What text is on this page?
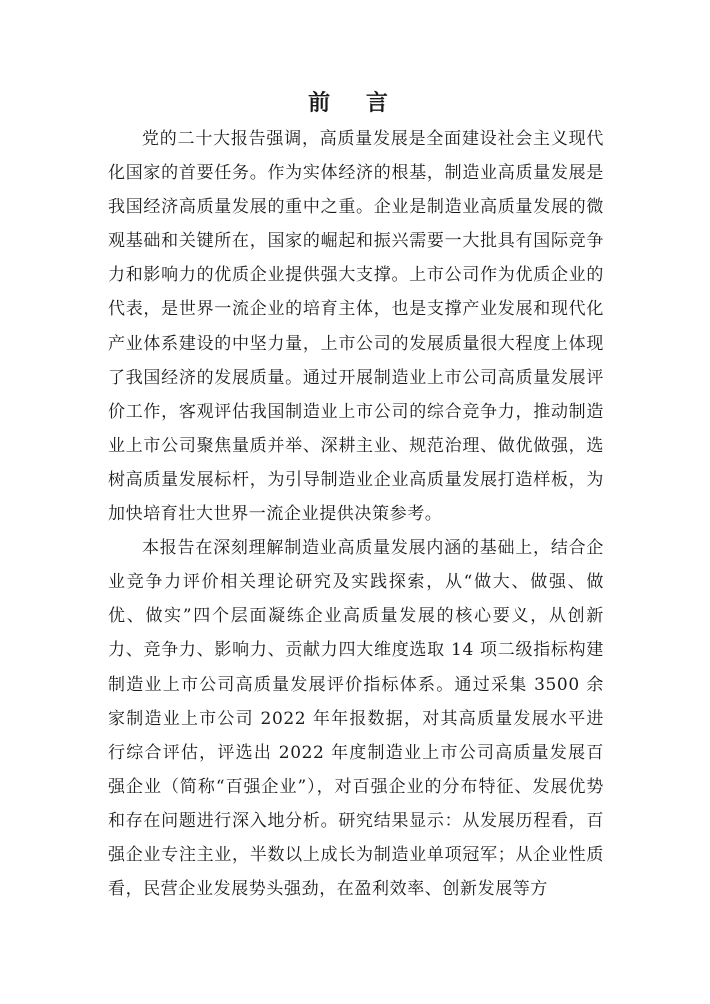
前 言

党的二十大报告强调，高质量发展是全面建设社会主义现代化国家的首要任务。作为实体经济的根基，制造业高质量发展是我国经济高质量发展的重中之重。企业是制造业高质量发展的微观基础和关键所在，国家的崛起和振兴需要一大批具有国际竞争力和影响力的优质企业提供强大支撑。上市公司作为优质企业的代表，是世界一流企业的培育主体，也是支撑产业发展和现代化产业体系建设的中坚力量，上市公司的发展质量很大程度上体现了我国经济的发展质量。通过开展制造业上市公司高质量发展评价工作，客观评估我国制造业上市公司的综合竞争力，推动制造业上市公司聚焦量质并举、深耕主业、规范治理、做优做强，选树高质量发展标杆，为引导制造业企业高质量发展打造样板，为加快培育壮大世界一流企业提供决策参考。

本报告在深刻理解制造业高质量发展内涵的基础上，结合企业竞争力评价相关理论研究及实践探索，从“做大、做强、做优、做实”四个层面凝练企业高质量发展的核心要义，从创新力、竞争力、影响力、贡献力四大维度选取 14 项二级指标构建制造业上市公司高质量发展评价指标体系。通过采集 3500 余家制造业上市公司 2022 年年报数据，对其高质量发展水平进行综合评估，评选出 2022 年度制造业上市公司高质量发展百强企业（简称“百强企业”），对百强企业的分布特征、发展优势和存在问题进行深入地分析。研究结果显示：从发展历程看，百强企业专注主业，半数以上成长为制造业单项冠军；从企业性质看，民营企业发展势头强劲，在盈利效率、创新发展等方
